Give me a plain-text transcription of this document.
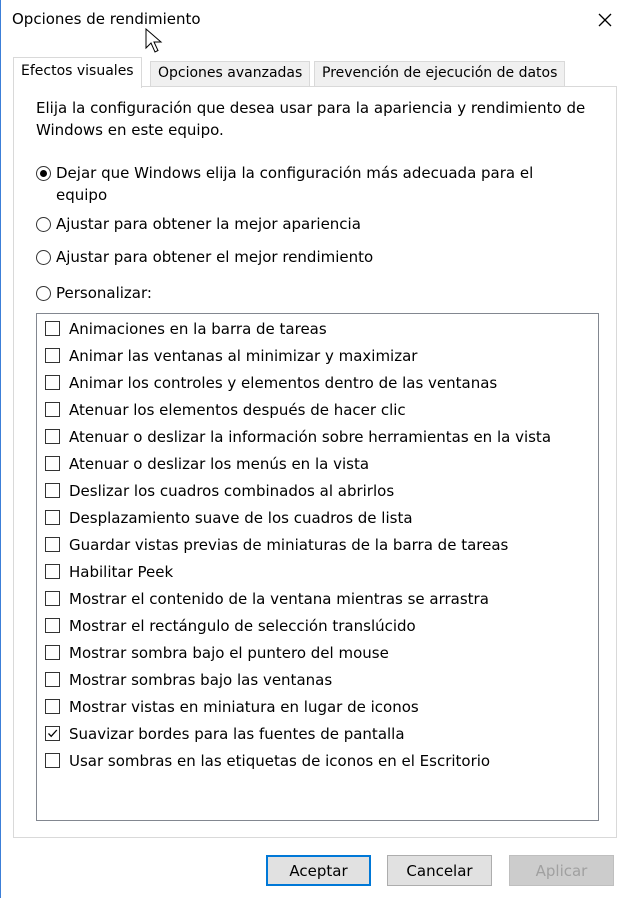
Opciones de rendimiento
Efectos visuales	Opciones avanzadas	Prevención de ejecución de datos
Elija la configuración que desea usar para la apariencia y rendimiento de Windows en este equipo.
Dejar que Windows elija la configuración más adecuada para el equipo
Ajustar para obtener la mejor apariencia
Ajustar para obtener el mejor rendimiento
Personalizar:
Animaciones en la barra de tareas
Animar las ventanas al minimizar y maximizar
Animar los controles y elementos dentro de las ventanas
Atenuar los elementos después de hacer clic
Atenuar o deslizar la información sobre herramientas en la vista
Atenuar o deslizar los menús en la vista
Deslizar los cuadros combinados al abrirlos
Desplazamiento suave de los cuadros de lista
Guardar vistas previas de miniaturas de la barra de tareas
Habilitar Peek
Mostrar el contenido de la ventana mientras se arrastra
Mostrar el rectángulo de selección translúcido
Mostrar sombra bajo el puntero del mouse
Mostrar sombras bajo las ventanas
Mostrar vistas en miniatura en lugar de iconos
Suavizar bordes para las fuentes de pantalla
Usar sombras en las etiquetas de iconos en el Escritorio
Aceptar	Cancelar	Aplicar
